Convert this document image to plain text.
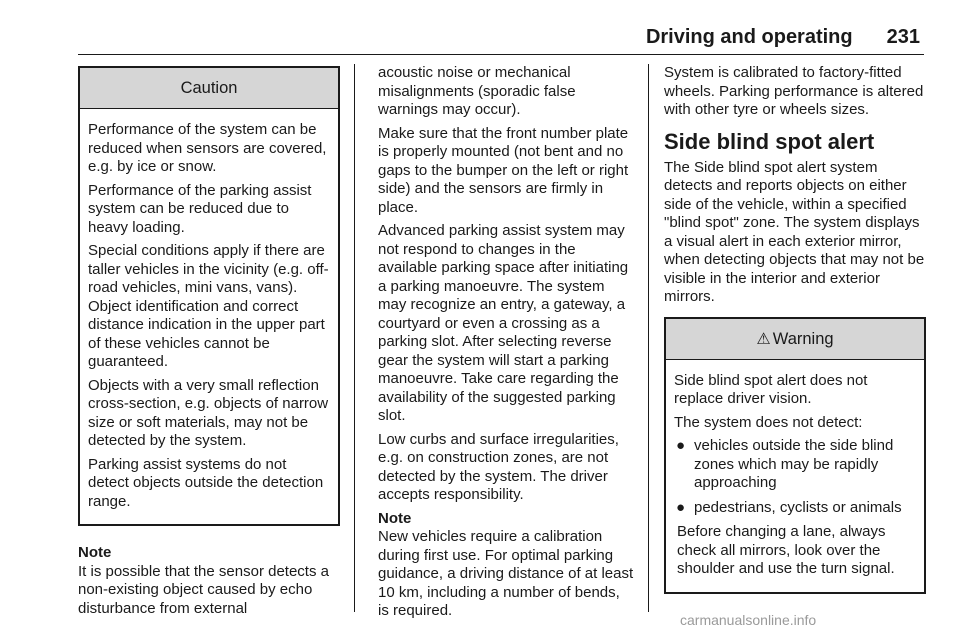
Driving and operating 231
Caution

Performance of the system can be reduced when sensors are covered, e.g. by ice or snow.

Performance of the parking assist system can be reduced due to heavy loading.

Special conditions apply if there are taller vehicles in the vicinity (e.g. off-road vehicles, mini vans, vans). Object identification and correct distance indication in the upper part of these vehicles cannot be guaranteed.

Objects with a very small reflection cross-section, e.g. objects of narrow size or soft materials, may not be detected by the system.

Parking assist systems do not detect objects outside the detection range.

Note

It is possible that the sensor detects a non-existing object caused by echo disturbance from external

acoustic noise or mechanical misalignments (sporadic false warnings may occur).

Make sure that the front number plate is properly mounted (not bent and no gaps to the bumper on the left or right side) and the sensors are firmly in place.

Advanced parking assist system may not respond to changes in the available parking space after initiating a parking manoeuvre. The system may recognize an entry, a gateway, a courtyard or even a crossing as a parking slot. After selecting reverse gear the system will start a parking manoeuvre. Take care regarding the availability of the suggested parking slot.

Low curbs and surface irregularities, e.g. on construction zones, are not detected by the system. The driver accepts responsibility.

Note

New vehicles require a calibration during first use. For optimal parking guidance, a driving distance of at least 10 km, including a number of bends, is required.

System is calibrated to factory-fitted wheels. Parking performance is altered with other tyre or wheels sizes.

Side blind spot alert

The Side blind spot alert system detects and reports objects on either side of the vehicle, within a specified "blind spot" zone. The system displays a visual alert in each exterior mirror, when detecting objects that may not be visible in the interior and exterior mirrors.

⚠ Warning

Side blind spot alert does not replace driver vision.

The system does not detect:

● vehicles outside the side blind zones which may be rapidly approaching
● pedestrians, cyclists or animals

Before changing a lane, always check all mirrors, look over the shoulder and use the turn signal.

carmanualsonline.info
